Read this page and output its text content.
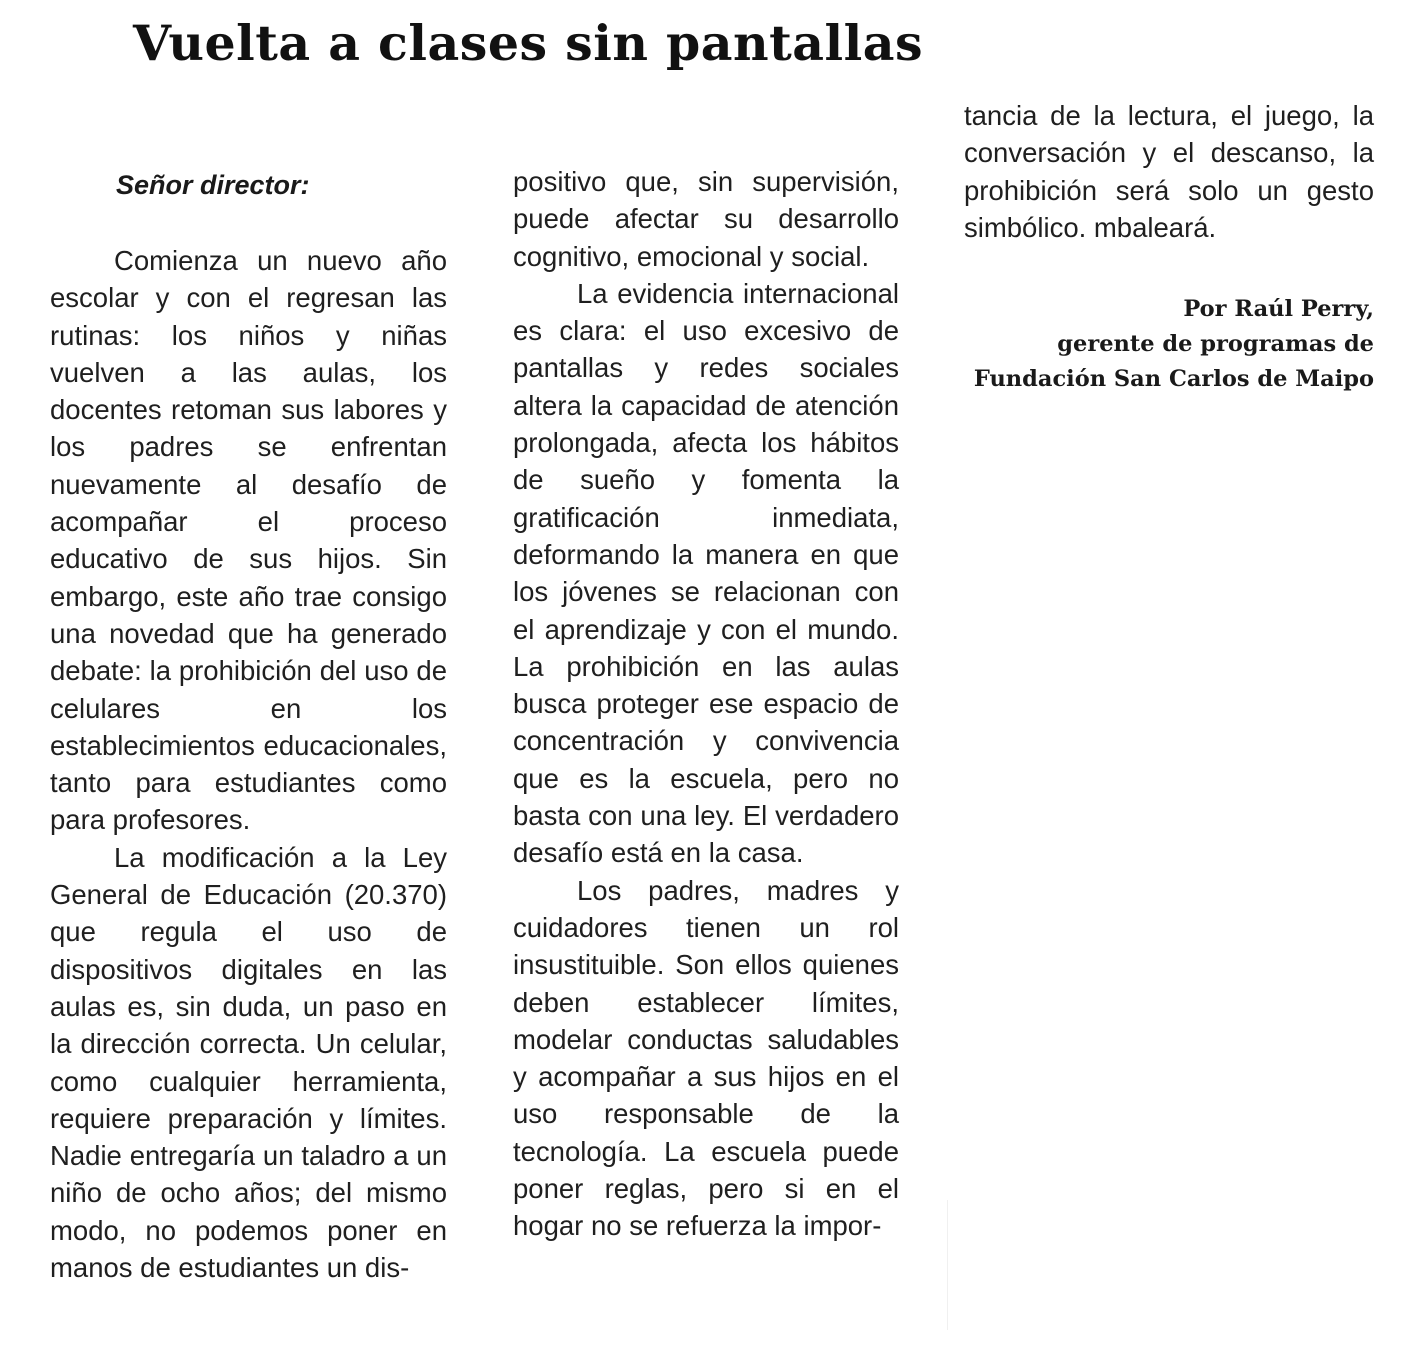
Vuelta a clases sin pantallas
Señor director:

Comienza un nuevo año escolar y con el regresan las rutinas: los niños y niñas vuelven a las aulas, los docentes retoman sus labores y los padres se enfrentan nuevamente al desafío de acompañar el proceso educativo de sus hijos. Sin embargo, este año trae consigo una novedad que ha generado debate: la prohibición del uso de celulares en los establecimientos educacionales, tanto para estudiantes como para profesores.

La modificación a la Ley General de Educación (20.370) que regula el uso de dispositivos digitales en las aulas es, sin duda, un paso en la dirección correcta. Un celular, como cualquier herramienta, requiere preparación y límites. Nadie entregaría un taladro a un niño de ocho años; del mismo modo, no podemos poner en manos de estudiantes un dis-

positivo que, sin supervisión, puede afectar su desarrollo cognitivo, emocional y social.

La evidencia internacional es clara: el uso excesivo de pantallas y redes sociales altera la capacidad de atención prolongada, afecta los hábitos de sueño y fomenta la gratificación inmediata, deformando la manera en que los jóvenes se relacionan con el aprendizaje y con el mundo. La prohibición en las aulas busca proteger ese espacio de concentración y convivencia que es la escuela, pero no basta con una ley. El verdadero desafío está en la casa.

Los padres, madres y cuidadores tienen un rol insustituible. Son ellos quienes deben establecer límites, modelar conductas saludables y acompañar a sus hijos en el uso responsable de la tecnología. La escuela puede poner reglas, pero si en el hogar no se refuerza la impor-

tancia de la lectura, el juego, la conversación y el descanso, la prohibición será solo un gesto simbólico. mbaleará.

Por Raúl Perry,
gerente de programas de
Fundación San Carlos de Maipo
